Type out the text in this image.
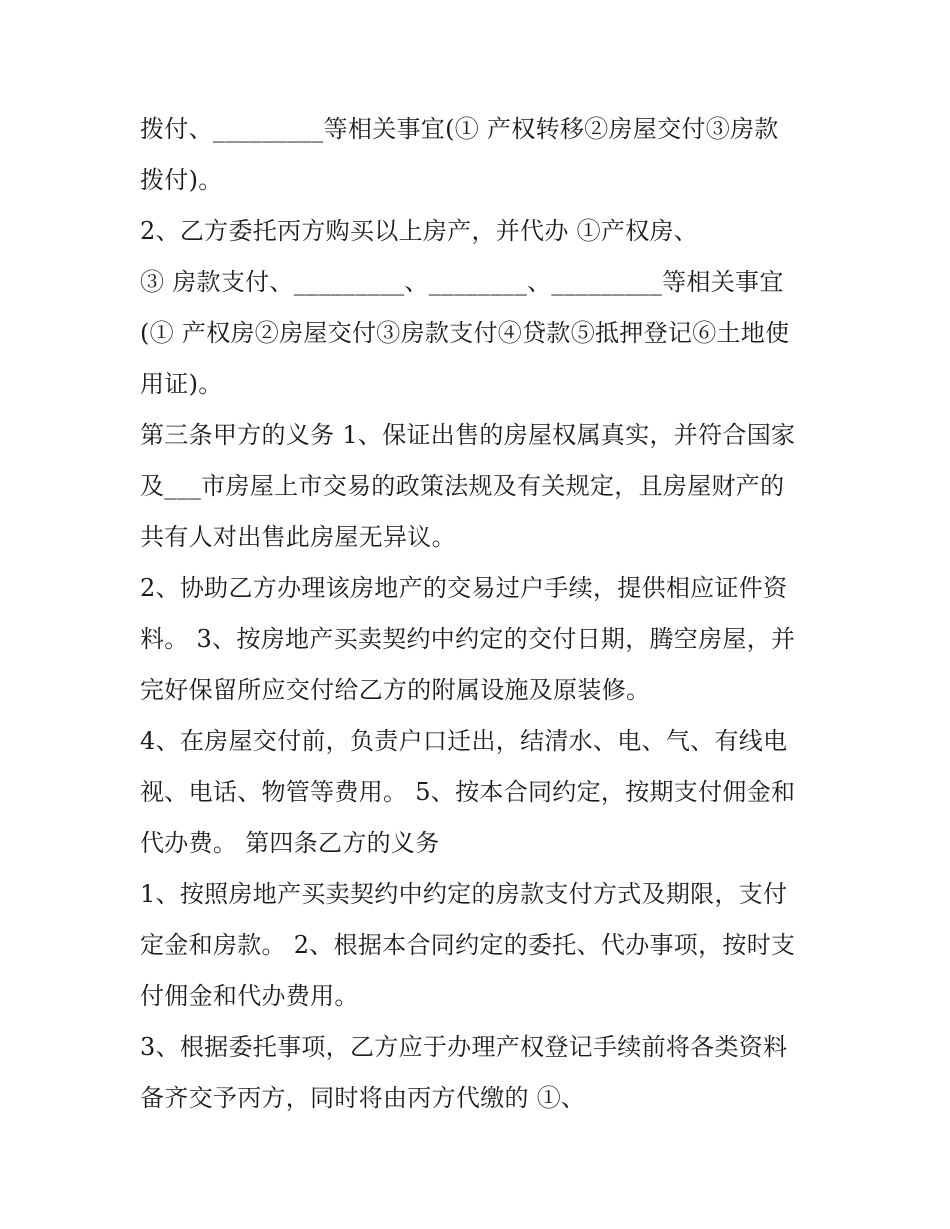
拨付、_________等相关事宜(① 产权转移②房屋交付③房款
拨付)。
2、乙方委托丙方购买以上房产，并代办 ①产权房、
③ 房款支付、_________、________、_________等相关事宜
(① 产权房②房屋交付③房款支付④贷款⑤抵押登记⑥土地使
用证)。
第三条甲方的义务 1、保证出售的房屋权属真实，并符合国家
及___市房屋上市交易的政策法规及有关规定，且房屋财产的
共有人对出售此房屋无异议。
2、协助乙方办理该房地产的交易过户手续，提供相应证件资
料。 3、按房地产买卖契约中约定的交付日期，腾空房屋，并
完好保留所应交付给乙方的附属设施及原装修。
4、在房屋交付前，负责户口迁出，结清水、电、气、有线电
视、电话、物管等费用。 5、按本合同约定，按期支付佣金和
代办费。 第四条乙方的义务
1、按照房地产买卖契约中约定的房款支付方式及期限，支付
定金和房款。 2、根据本合同约定的委托、代办事项，按时支
付佣金和代办费用。
3、根据委托事项，乙方应于办理产权登记手续前将各类资料
备齐交予丙方，同时将由丙方代缴的 ①、
